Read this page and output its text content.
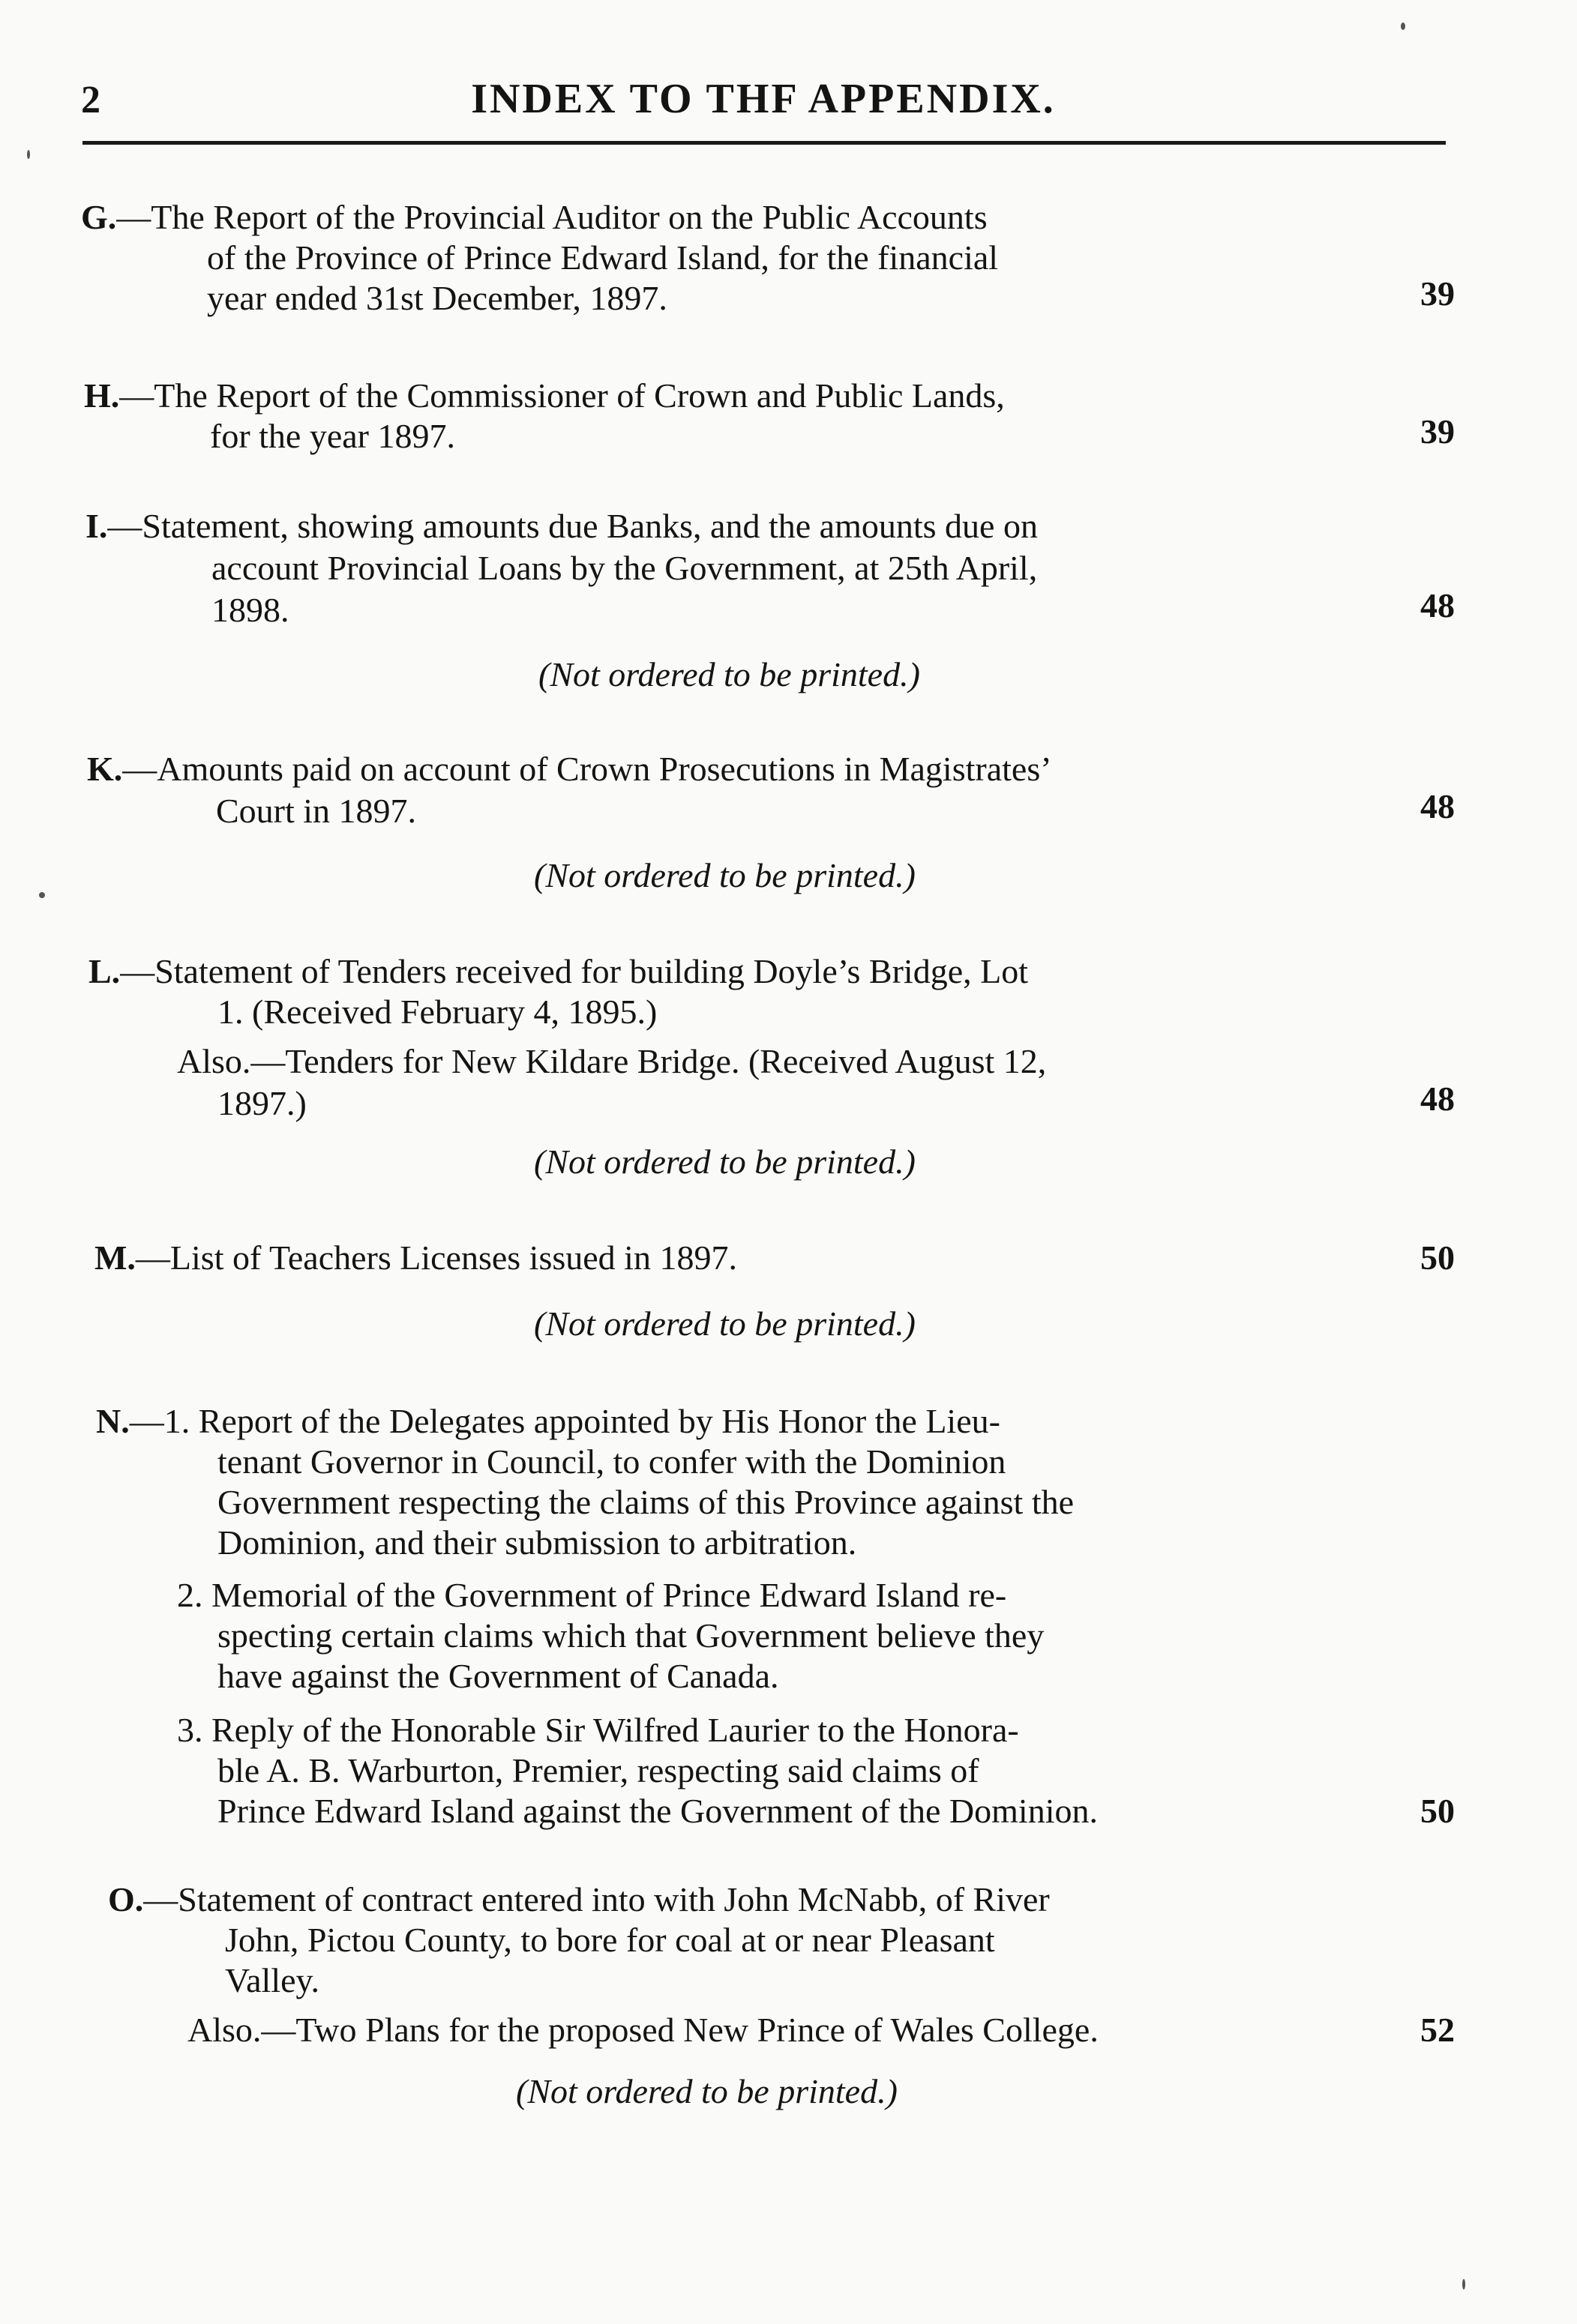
2	INDEX TO THF APPENDIX.
G.—The Report of the Provincial Auditor on the Public Accounts
of the Province of Prince Edward Island, for the financial
year ended 31st December, 1897.	39
H.—The Report of the Commissioner of Crown and Public Lands,
for the year 1897.	39
I.—Statement, showing amounts due Banks, and the amounts due on
account Provincial Loans by the Government, at 25th April,
1898.	48
(Not ordered to be printed.)
K.—Amounts paid on account of Crown Prosecutions in Magistrates’
Court in 1897.	48
(Not ordered to be printed.)
L.—Statement of Tenders received for building Doyle’s Bridge, Lot
1. (Received February 4, 1895.)
Also.—Tenders for New Kildare Bridge. (Received August 12,
1897.)	48
(Not ordered to be printed.)
M.—List of Teachers Licenses issued in 1897.	50
(Not ordered to be printed.)
N.—1. Report of the Delegates appointed by His Honor the Lieu-
tenant Governor in Council, to confer with the Dominion
Government respecting the claims of this Province against the
Dominion, and their submission to arbitration.
2. Memorial of the Government of Prince Edward Island re-
specting certain claims which that Government believe they
have against the Government of Canada.
3. Reply of the Honorable Sir Wilfred Laurier to the Honora-
ble A. B. Warburton, Premier, respecting said claims of
Prince Edward Island against the Government of the Dominion.	50
O.—Statement of contract entered into with John McNabb, of River
John, Pictou County, to bore for coal at or near Pleasant
Valley.
Also.—Two Plans for the proposed New Prince of Wales College.	52
(Not ordered to be printed.)
